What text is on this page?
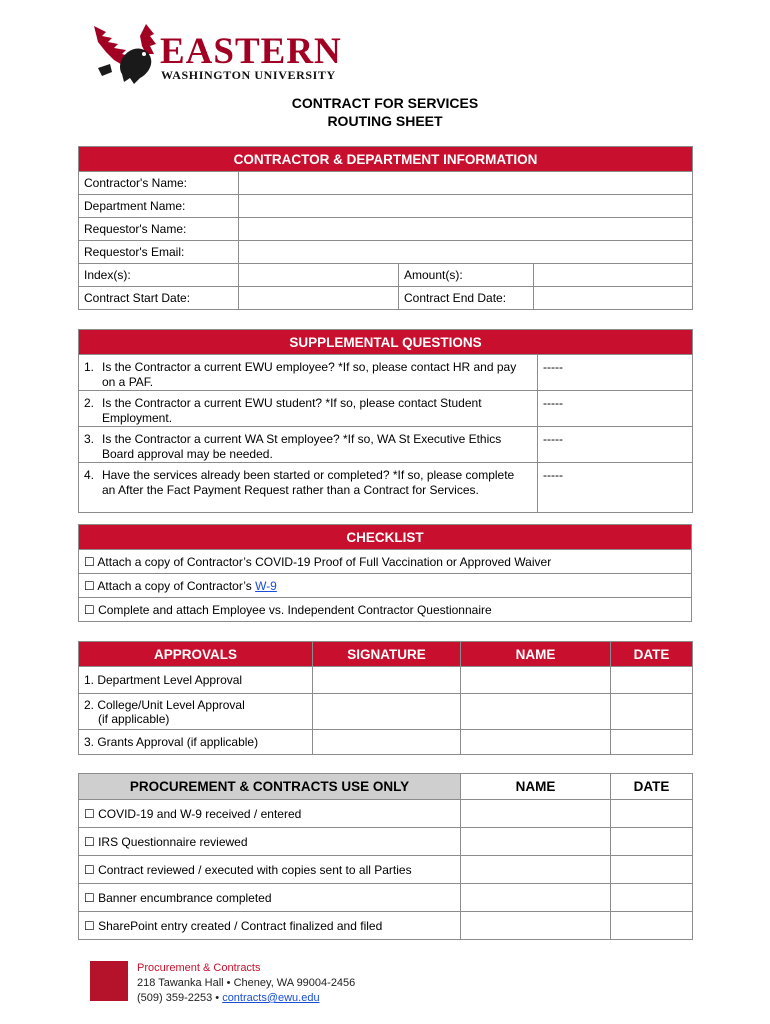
EASTERN
WASHINGTON UNIVERSITY
CONTRACT FOR SERVICES
ROUTING SHEET
CONTRACTOR & DEPARTMENT INFORMATION			
Contractor's Name:			
Department Name:			
Requestor's Name:			
Requestor's Email:			
Index(s):		Amount(s):	
Contract Start Date:		Contract End Date:	
SUPPLEMENTAL QUESTIONS	
1. Is the Contractor a current EWU employee? *If so, please contact HR and pay on a PAF.	-----
2. Is the Contractor a current EWU student? *If so, please contact Student Employment.	-----
3. Is the Contractor a current WA St employee? *If so, WA St Executive Ethics Board approval may be needed.	-----
4. Have the services already been started or completed? *If so, please complete an After the Fact Payment Request rather than a Contract for Services.	-----
CHECKLIST
☐ Attach a copy of Contractor’s COVID-19 Proof of Full Vaccination or Approved Waiver
☐ Attach a copy of Contractor’s W-9
☐ Complete and attach Employee vs. Independent Contractor Questionnaire
APPROVALS	SIGNATURE	NAME	DATE
1. Department Level Approval			

2. College/Unit Level Approval
(if applicable)			

3. Grants Approval (if applicable)			
PROCUREMENT & CONTRACTS USE ONLY	NAME	DATE
☐ COVID-19 and W-9 received / entered		
☐ IRS Questionnaire reviewed		
☐ Contract reviewed / executed with copies sent to all Parties		
☐ Banner encumbrance completed		
☐ SharePoint entry created / Contract finalized and filed		
Procurement & Contracts
218 Tawanka Hall • Cheney, WA 99004-2456
(509) 359-2253 • contracts@ewu.edu
